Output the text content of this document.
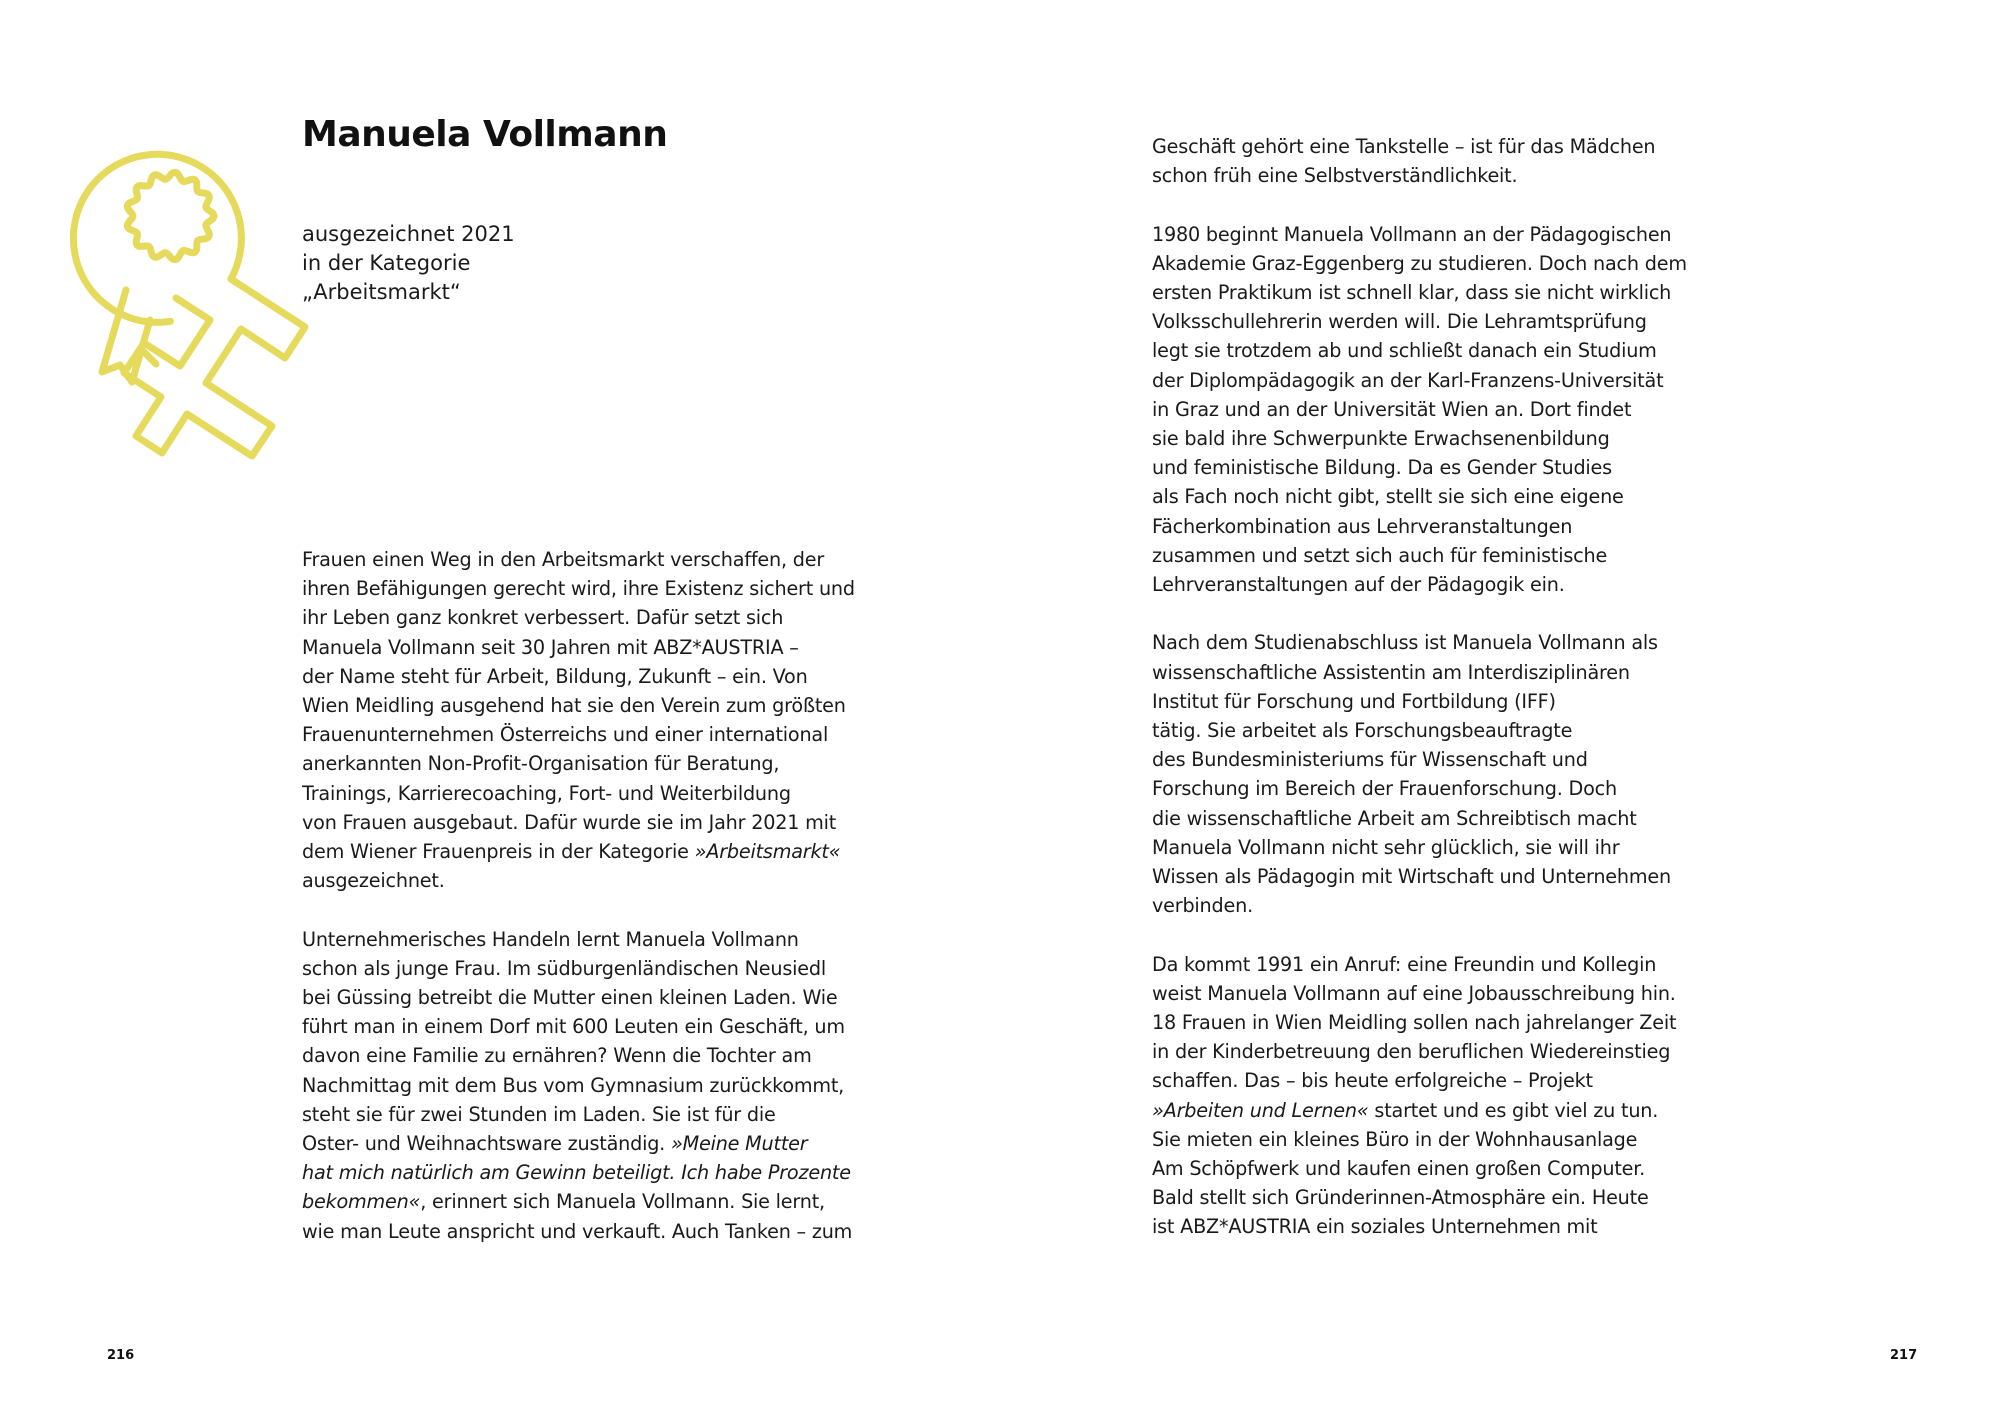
Manuela Vollmann
ausgezeichnet 2021
in der Kategorie
„Arbeitsmarkt“

Frauen einen Weg in den Arbeitsmarkt verschaffen, der
ihren Befähigungen gerecht wird, ihre Existenz sichert und
ihr Leben ganz konkret verbessert. Dafür setzt sich
Manuela Vollmann seit 30 Jahren mit ABZ*AUSTRIA –
der Name steht für Arbeit, Bildung, Zukunft – ein. Von
Wien Meidling ausgehend hat sie den Verein zum größten
Frauenunternehmen Österreichs und einer international
anerkannten Non-Profit-Organisation für Beratung,
Trainings, Karrierecoaching, Fort- und Weiterbildung
von Frauen ausgebaut. Dafür wurde sie im Jahr 2021 mit
dem Wiener Frauenpreis in der Kategorie »Arbeitsmarkt«
ausgezeichnet.

Unternehmerisches Handeln lernt Manuela Vollmann
schon als junge Frau. Im südburgenländischen Neusiedl
bei Güssing betreibt die Mutter einen kleinen Laden. Wie
führt man in einem Dorf mit 600 Leuten ein Geschäft, um
davon eine Familie zu ernähren? Wenn die Tochter am
Nachmittag mit dem Bus vom Gymnasium zurückkommt,
steht sie für zwei Stunden im Laden. Sie ist für die
Oster- und Weihnachtsware zuständig. »Meine Mutter
hat mich natürlich am Gewinn beteiligt. Ich habe Prozente
bekommen«, erinnert sich Manuela Vollmann. Sie lernt,
wie man Leute anspricht und verkauft. Auch Tanken – zum

Geschäft gehört eine Tankstelle – ist für das Mädchen
schon früh eine Selbstverständlichkeit.

1980 beginnt Manuela Vollmann an der Pädagogischen
Akademie Graz-Eggenberg zu studieren. Doch nach dem
ersten Praktikum ist schnell klar, dass sie nicht wirklich
Volksschullehrerin werden will. Die Lehramtsprüfung
legt sie trotzdem ab und schließt danach ein Studium
der Diplompädagogik an der Karl-Franzens-Universität
in Graz und an der Universität Wien an. Dort findet
sie bald ihre Schwerpunkte Erwachsenenbildung
und feministische Bildung. Da es Gender Studies
als Fach noch nicht gibt, stellt sie sich eine eigene
Fächerkombination aus Lehrveranstaltungen
zusammen und setzt sich auch für feministische
Lehrveranstaltungen auf der Pädagogik ein.

Nach dem Studienabschluss ist Manuela Vollmann als
wissenschaftliche Assistentin am Interdisziplinären
Institut für Forschung und Fortbildung (IFF)
tätig. Sie arbeitet als Forschungsbeauftragte
des Bundesministeriums für Wissenschaft und
Forschung im Bereich der Frauenforschung. Doch
die wissenschaftliche Arbeit am Schreibtisch macht
Manuela Vollmann nicht sehr glücklich, sie will ihr
Wissen als Pädagogin mit Wirtschaft und Unternehmen
verbinden.

Da kommt 1991 ein Anruf: eine Freundin und Kollegin
weist Manuela Vollmann auf eine Jobausschreibung hin.
18 Frauen in Wien Meidling sollen nach jahrelanger Zeit
in der Kinderbetreuung den beruflichen Wiedereinstieg
schaffen. Das – bis heute erfolgreiche – Projekt
»Arbeiten und Lernen« startet und es gibt viel zu tun.
Sie mieten ein kleines Büro in der Wohnhausanlage
Am Schöpfwerk und kaufen einen großen Computer.
Bald stellt sich Gründerinnen-Atmosphäre ein. Heute
ist ABZ*AUSTRIA ein soziales Unternehmen mit

216	217
